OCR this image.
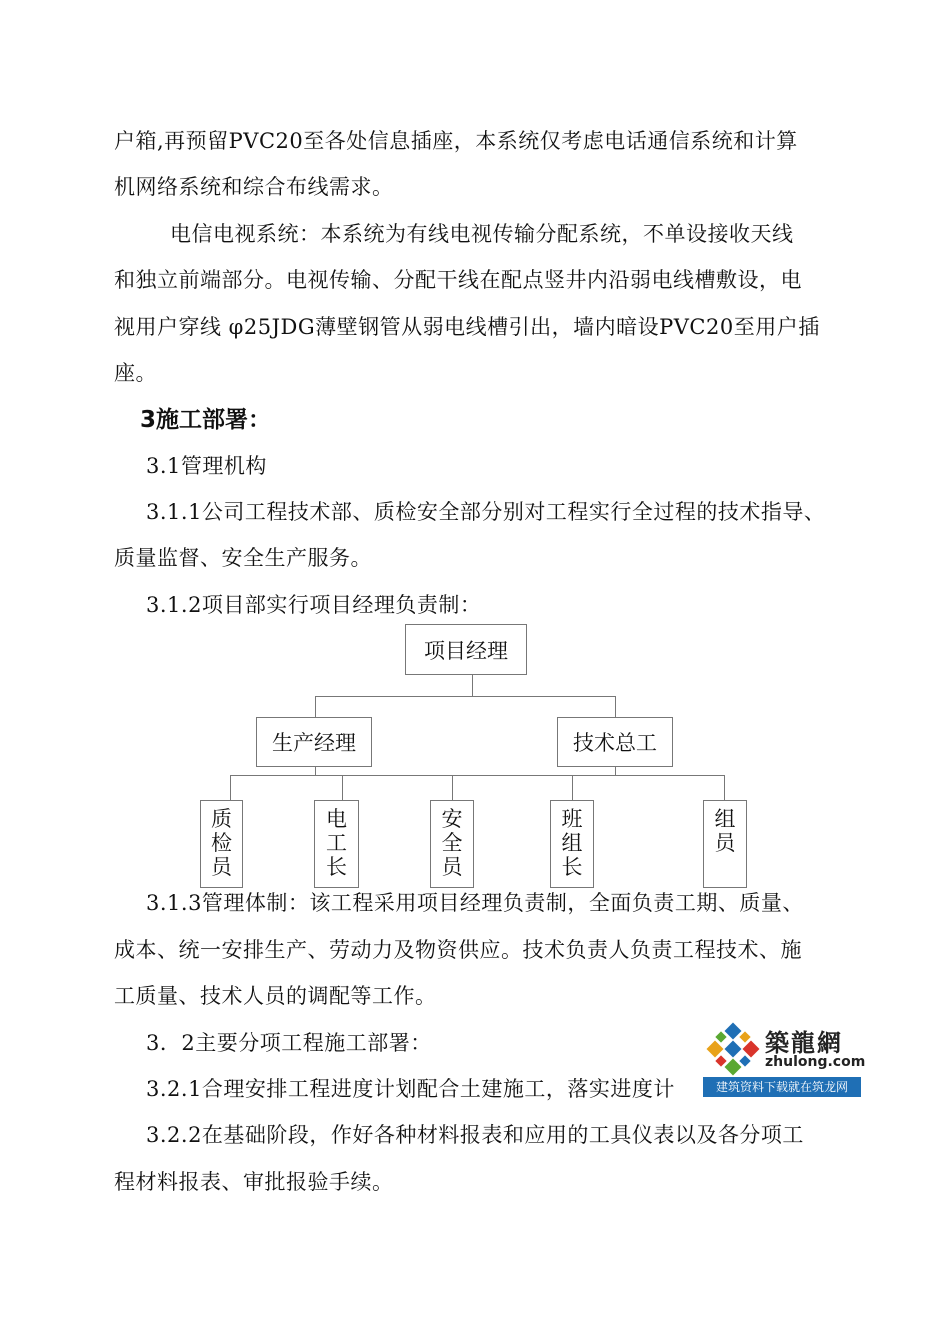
户箱,再预留PVC20至各处信息插座，本系统仅考虑电话通信系统和计算
机网络系统和综合布线需求。
电信电视系统：本系统为有线电视传输分配系统，不单设接收天线
和独立前端部分。电视传输、分配干线在配点竖井内沿弱电线槽敷设，电
视用户穿线 φ25JDG薄壁钢管从弱电线槽引出，墙内暗设PVC20至用户插
座。
3施工部署：
3.1管理机构
3.1.1公司工程技术部、质检安全部分别对工程实行全过程的技术指导、
质量监督、安全生产服务。
3.1.2项目部实行项目经理负责制：
项目经理
生产经理	技术总工
质
检
员
电
工
长
安
全
员
班
组
长
组
员
3.1.3管理体制：该工程采用项目经理负责制，全面负责工期、质量、
成本、统一安排生产、劳动力及物资供应。技术负责人负责工程技术、施
工质量、技术人员的调配等工作。
3．2主要分项工程施工部署：
3.2.1合理安排工程进度计划配合土建施工，落实进度计
3.2.2在基础阶段，作好各种材料报表和应用的工具仪表以及各分项工
程材料报表、审批报验手续。
築龍網
zhulong.com
建筑资料下载就在筑龙网
